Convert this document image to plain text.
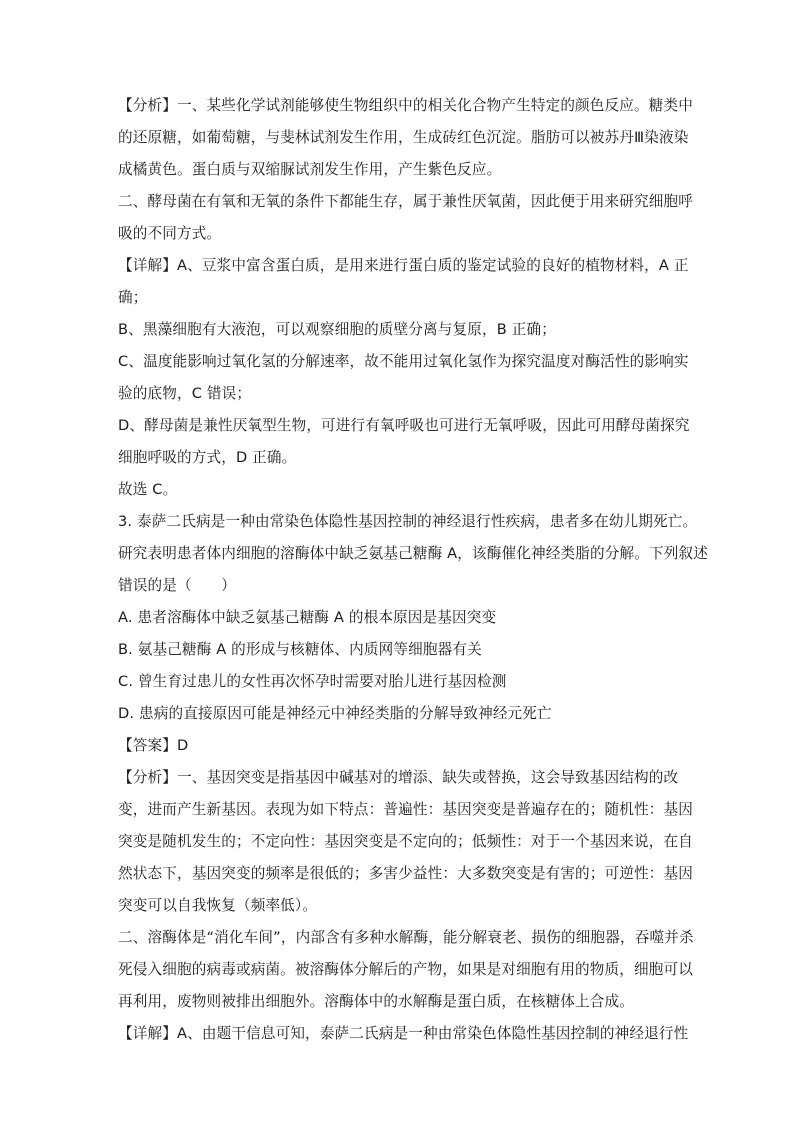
【分析】一、某些化学试剂能够使生物组织中的相关化合物产生特定的颜色反应。糖类中
的还原糖，如葡萄糖，与斐林试剂发生作用，生成砖红色沉淀。脂肪可以被苏丹Ⅲ染液染
成橘黄色。蛋白质与双缩脲试剂发生作用，产生紫色反应。
二、酵母菌在有氧和无氧的条件下都能生存，属于兼性厌氧菌，因此便于用来研究细胞呼
吸的不同方式。
【详解】A、豆浆中富含蛋白质，是用来进行蛋白质的鉴定试验的良好的植物材料，A 正
确；
B、黑藻细胞有大液泡，可以观察细胞的质壁分离与复原，B 正确；
C、温度能影响过氧化氢的分解速率，故不能用过氧化氢作为探究温度对酶活性的影响实
验的底物，C 错误；
D、酵母菌是兼性厌氧型生物，可进行有氧呼吸也可进行无氧呼吸，因此可用酵母菌探究
细胞呼吸的方式，D 正确。
故选 C。
3. 泰萨二氏病是一种由常染色体隐性基因控制的神经退行性疾病，患者多在幼儿期死亡。
研究表明患者体内细胞的溶酶体中缺乏氨基己糖酶 A，该酶催化神经类脂的分解。下列叙述
错误的是（　　）
A. 患者溶酶体中缺乏氨基己糖酶 A 的根本原因是基因突变
B. 氨基己糖酶 A 的形成与核糖体、内质网等细胞器有关
C. 曾生育过患儿的女性再次怀孕时需要对胎儿进行基因检测
D. 患病的直接原因可能是神经元中神经类脂的分解导致神经元死亡
【答案】D
【分析】一、基因突变是指基因中碱基对的增添、缺失或替换，这会导致基因结构的改
变，进而产生新基因。表现为如下特点：普遍性：基因突变是普遍存在的；随机性：基因
突变是随机发生的；不定向性：基因突变是不定向的；低频性：对于一个基因来说，在自
然状态下，基因突变的频率是很低的；多害少益性：大多数突变是有害的；可逆性：基因
突变可以自我恢复（频率低）。
二、溶酶体是“消化车间”，内部含有多种水解酶，能分解衰老、损伤的细胞器，吞噬并杀
死侵入细胞的病毒或病菌。被溶酶体分解后的产物，如果是对细胞有用的物质，细胞可以
再利用，废物则被排出细胞外。溶酶体中的水解酶是蛋白质，在核糖体上合成。
【详解】A、由题干信息可知，泰萨二氏病是一种由常染色体隐性基因控制的神经退行性
